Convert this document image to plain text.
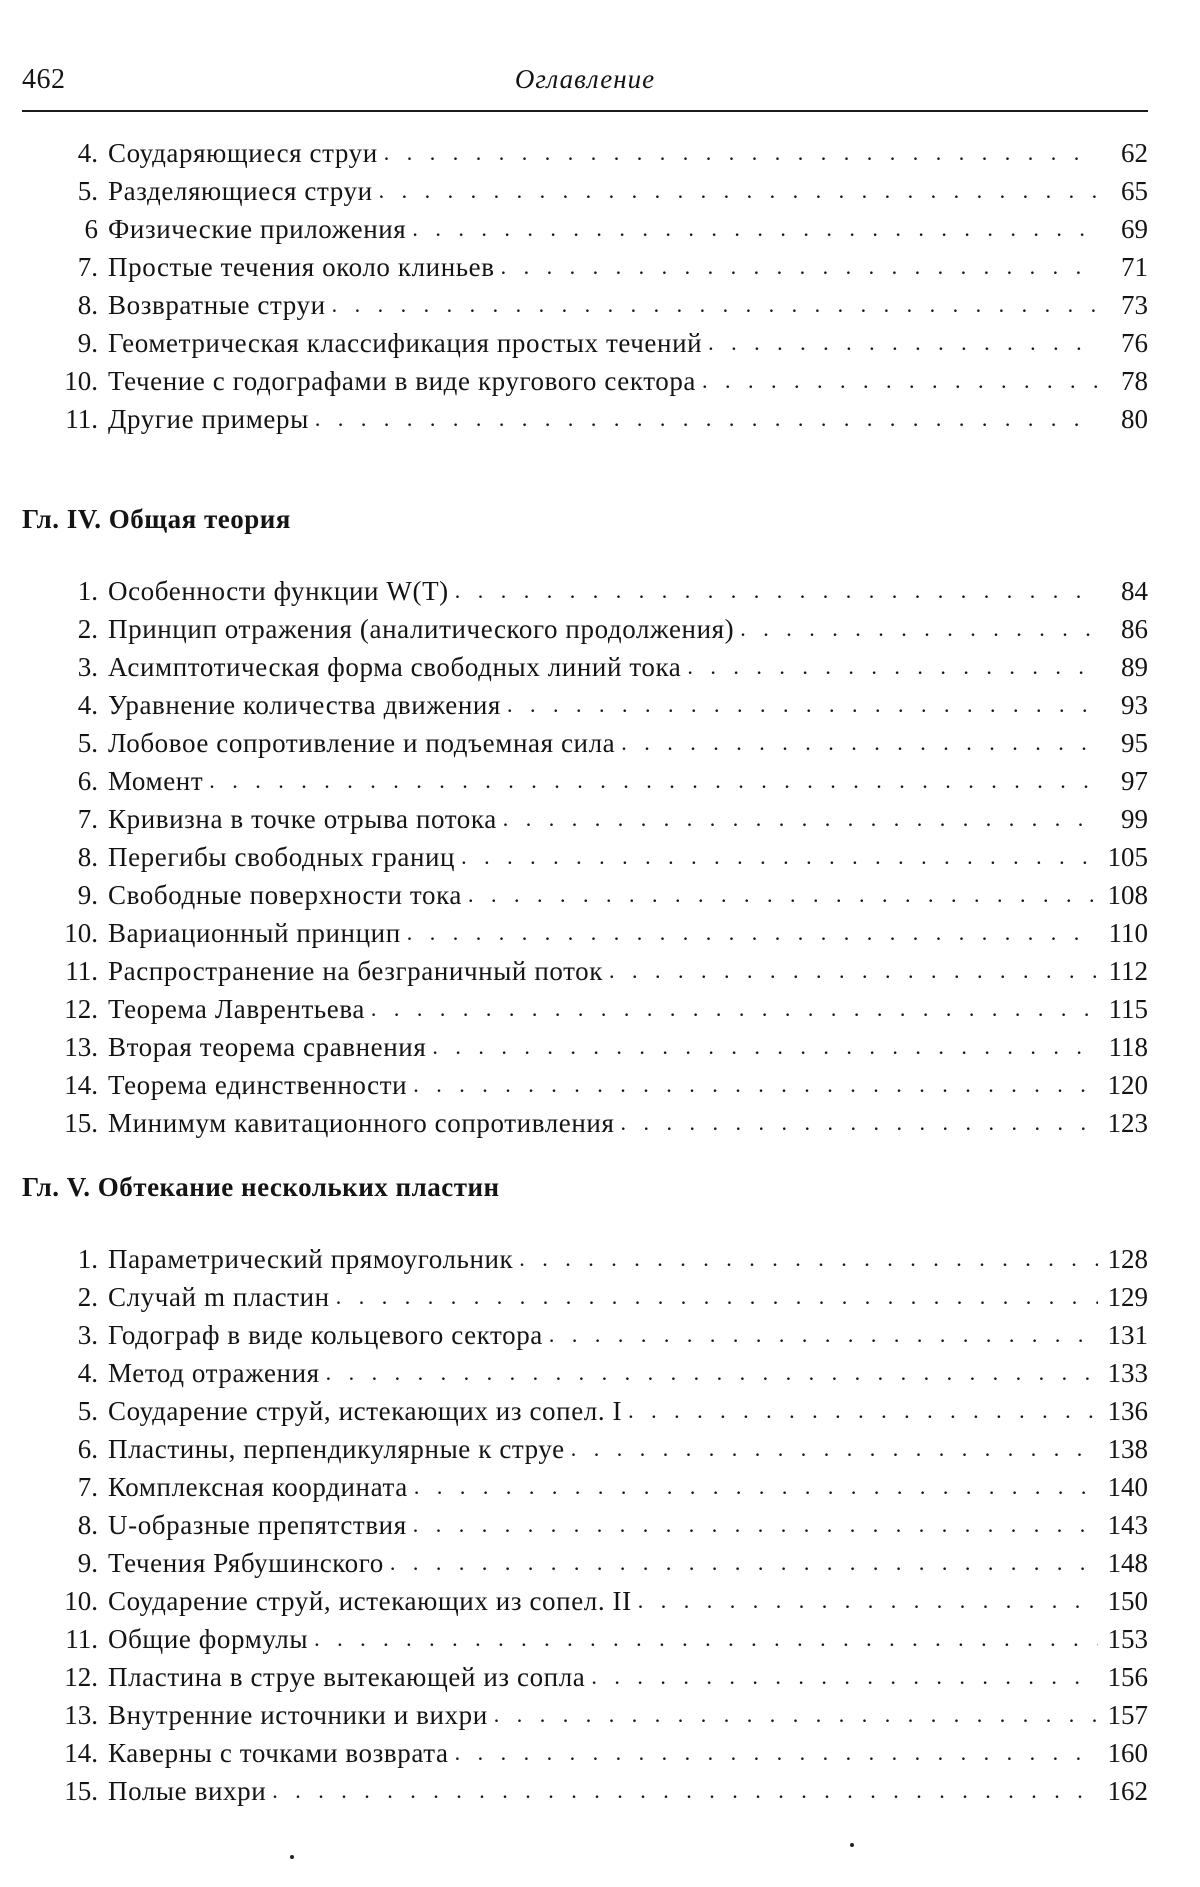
462	Оглавление
4. Соударяющиеся струи . . .	62
5. Разделяющиеся струи . . .	65
6 Физические приложения . . .	69
7. Простые течения около клиньев . . .	71
8. Возвратные струи . . .	73
9. Геометрическая классификация простых течений . . .	76
10. Течение с годографами в виде кругового сектора . . .	78
11. Другие примеры . . .	80
Гл. IV. Общая теория
1. Особенности функции W(T) . . .	84
2. Принцип отражения (аналитического продолжения) . . .	86
3. Асимптотическая форма свободных линий тока . . .	89
4. Уравнение количества движения . . .	93
5. Лобовое сопротивление и подъемная сила . . .	95
6. Момент . . .	97
7. Кривизна в точке отрыва потока . . .	99
8. Перегибы свободных границ . . .	105
9. Свободные поверхности тока . . .	108
10. Вариационный принцип . . .	110
11. Распространение на безграничный поток . . .	112
12. Теорема Лаврентьева . . .	115
13. Вторая теорема сравнения . . .	118
14. Теорема единственности . . .	120
15. Минимум кавитационного сопротивления . . .	123
Гл. V. Обтекание нескольких пластин
1. Параметрический прямоугольник . . .	128
2. Случай m пластин . . .	129
3. Годограф в виде кольцевого сектора . . .	131
4. Метод отражения . . .	133
5. Соударение струй, истекающих из сопел. I . . .	136
6. Пластины, перпендикулярные к струе . . .	138
7. Комплексная координата . . .	140
8. U-образные препятствия . . .	143
9. Течения Рябушинского . . .	148
10. Соударение струй, истекающих из сопел. II . . .	150
11. Общие формулы . . .	153
12. Пластина в струе вытекающей из сопла . . .	156
13. Внутренние источники и вихри . . .	157
14. Каверны с точками возврата . . .	160
15. Полые вихри . . .	162
